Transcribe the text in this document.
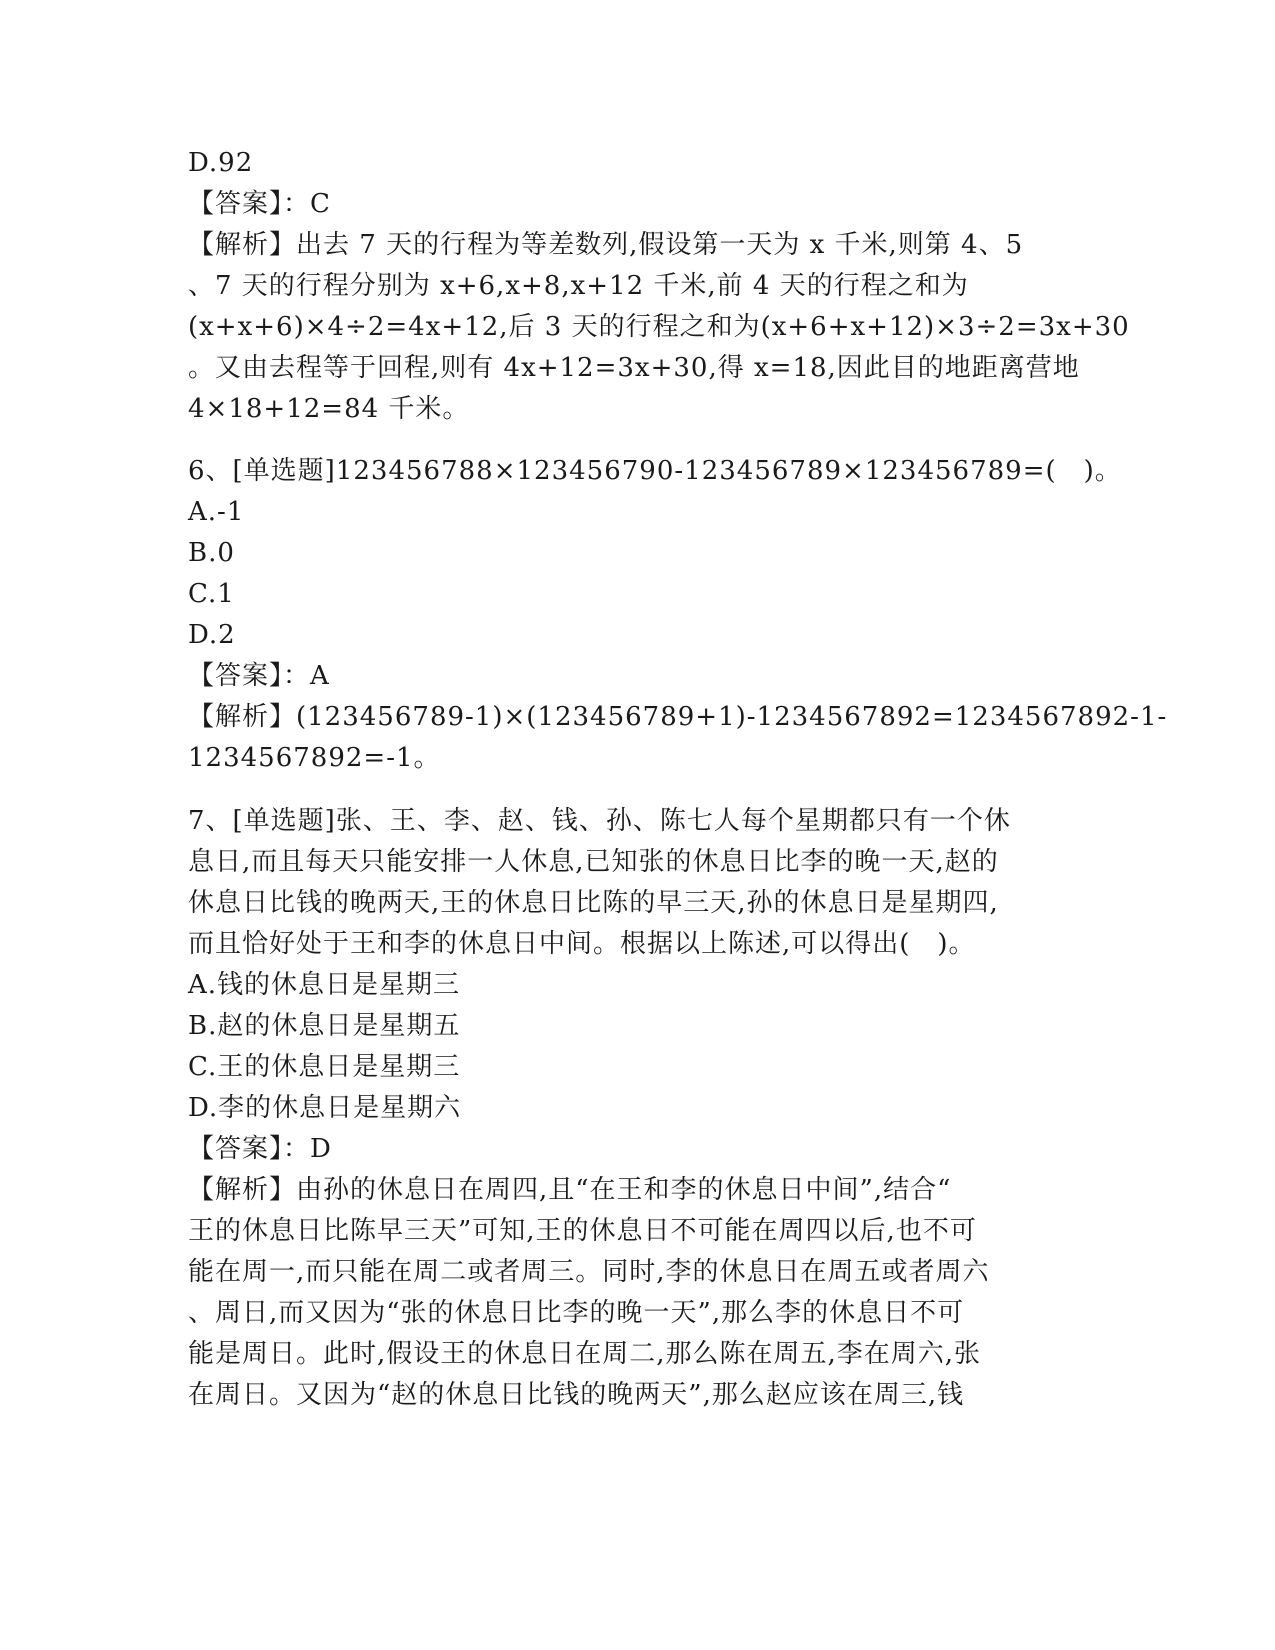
D.92
【答案】：C
【解析】出去 7 天的行程为等差数列,假设第一天为 x 千米,则第 4、5
、7 天的行程分别为 x+6,x+8,x+12 千米,前 4 天的行程之和为
(x+x+6)×4÷2=4x+12,后 3 天的行程之和为(x+6+x+12)×3÷2=3x+30
。又由去程等于回程,则有 4x+12=3x+30,得 x=18,因此目的地距离营地
4×18+12=84 千米。
6、[单选题]123456788×123456790-123456789×123456789=(　)。
A.-1
B.0
C.1
D.2
【答案】：A
【解析】(123456789-1)×(123456789+1)-1234567892=1234567892-1-
1234567892=-1。
7、[单选题]张、王、李、赵、钱、孙、陈七人每个星期都只有一个休
息日,而且每天只能安排一人休息,已知张的休息日比李的晚一天,赵的
休息日比钱的晚两天,王的休息日比陈的早三天,孙的休息日是星期四,
而且恰好处于王和李的休息日中间。根据以上陈述,可以得出(　)。
A.钱的休息日是星期三
B.赵的休息日是星期五
C.王的休息日是星期三
D.李的休息日是星期六
【答案】：D
【解析】由孙的休息日在周四,且“在王和李的休息日中间”,结合“
王的休息日比陈早三天”可知,王的休息日不可能在周四以后,也不可
能在周一,而只能在周二或者周三。同时,李的休息日在周五或者周六
、周日,而又因为“张的休息日比李的晚一天”,那么李的休息日不可
能是周日。此时,假设王的休息日在周二,那么陈在周五,李在周六,张
在周日。又因为“赵的休息日比钱的晚两天”,那么赵应该在周三,钱
